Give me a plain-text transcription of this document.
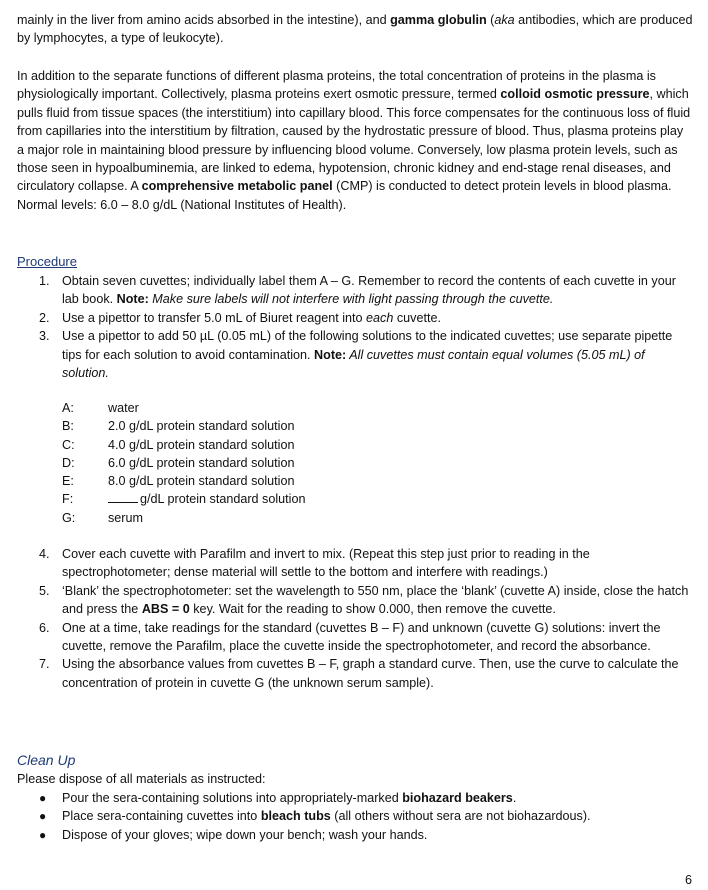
mainly in the liver from amino acids absorbed in the intestine), and gamma globulin (aka antibodies, which are produced by lymphocytes, a type of leukocyte).

In addition to the separate functions of different plasma proteins, the total concentration of proteins in the plasma is physiologically important. Collectively, plasma proteins exert osmotic pressure, termed colloid osmotic pressure, which pulls fluid from tissue spaces (the interstitium) into capillary blood. This force compensates for the continuous loss of fluid from capillaries into the interstitium by filtration, caused by the hydrostatic pressure of blood. Thus, plasma proteins play a major role in maintaining blood pressure by influencing blood volume. Conversely, low plasma protein levels, such as those seen in hypoalbuminemia, are linked to edema, hypotension, chronic kidney and end-stage renal diseases, and circulatory collapse. A comprehensive metabolic panel (CMP) is conducted to detect protein levels in blood plasma. Normal levels: 6.0 – 8.0 g/dL (National Institutes of Health).

Procedure
1. Obtain seven cuvettes; individually label them A – G. Remember to record the contents of each cuvette in your lab book. Note: Make sure labels will not interfere with light passing through the cuvette.
2. Use a pipettor to transfer 5.0 mL of Biuret reagent into each cuvette.
3. Use a pipettor to add 50 µL (0.05 mL) of the following solutions to the indicated cuvettes; use separate pipette tips for each solution to avoid contamination. Note: All cuvettes must contain equal volumes (5.05 mL) of solution.
A:	water
B:	2.0 g/dL protein standard solution
C:	4.0 g/dL protein standard solution
D:	6.0 g/dL protein standard solution
E:	8.0 g/dL protein standard solution
F:	g/dL protein standard solution
G:	serum
4. Cover each cuvette with Parafilm and invert to mix. (Repeat this step just prior to reading in the spectrophotometer; dense material will settle to the bottom and interfere with readings.)
5. ‘Blank’ the spectrophotometer: set the wavelength to 550 nm, place the ‘blank’ (cuvette A) inside, close the hatch and press the ABS = 0 key. Wait for the reading to show 0.000, then remove the cuvette.
6. One at a time, take readings for the standard (cuvettes B – F) and unknown (cuvette G) solutions: invert the cuvette, remove the Parafilm, place the cuvette inside the spectrophotometer, and record the absorbance.
7. Using the absorbance values from cuvettes B – F, graph a standard curve. Then, use the curve to calculate the concentration of protein in cuvette G (the unknown serum sample).
Clean Up

Please dispose of all materials as instructed:

● Pour the sera-containing solutions into appropriately-marked biohazard beakers.
● Place sera-containing cuvettes into bleach tubs (all others without sera are not biohazardous).
● Dispose of your gloves; wipe down your bench; wash your hands.
6
